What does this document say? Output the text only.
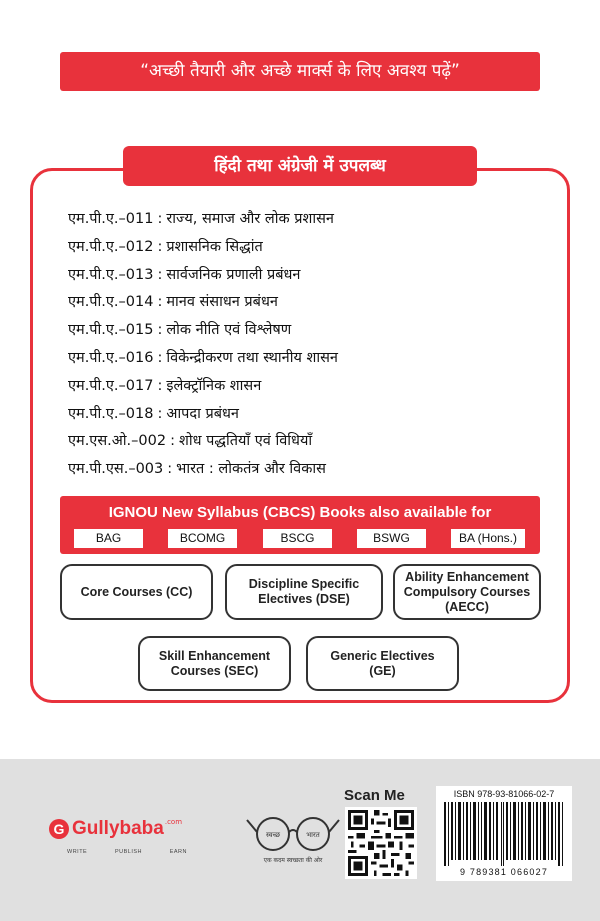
“अच्छी तैयारी और अच्छे मार्क्स के लिए अवश्य पढ़ें”
हिंदी तथा अंग्रेजी में उपलब्ध
एम.पी.ए.–011 : राज्य, समाज और लोक प्रशासन
एम.पी.ए.–012 : प्रशासनिक सिद्धांत
एम.पी.ए.–013 : सार्वजनिक प्रणाली प्रबंधन
एम.पी.ए.–014 : मानव संसाधन प्रबंधन
एम.पी.ए.–015 : लोक नीति एवं विश्लेषण
एम.पी.ए.–016 : विकेन्द्रीकरण तथा स्थानीय शासन
एम.पी.ए.–017 : इलेक्ट्रॉनिक शासन
एम.पी.ए.–018 : आपदा प्रबंधन
एम.एस.ओ.–002 : शोध पद्धतियाँ एवं विधियाँ
एम.पी.एस.–003 : भारत : लोकतंत्र और विकास
IGNOU New Syllabus (CBCS) Books also available for
BAG	BCOMG	BSCG	BSWG	BA (Hons.)
Core Courses (CC)
Discipline Specific Electives (DSE)
Ability Enhancement Compulsory Courses (AECC)
Skill Enhancement Courses (SEC)
Generic Electives (GE)
G Gullybaba .com
WRITE	PUBLISH	EARN
स्वच्छ	भारत
एक कदम स्वच्छता की ओर
Scan Me	ISBN 978-93-81066-02-7
9 789381 066027
